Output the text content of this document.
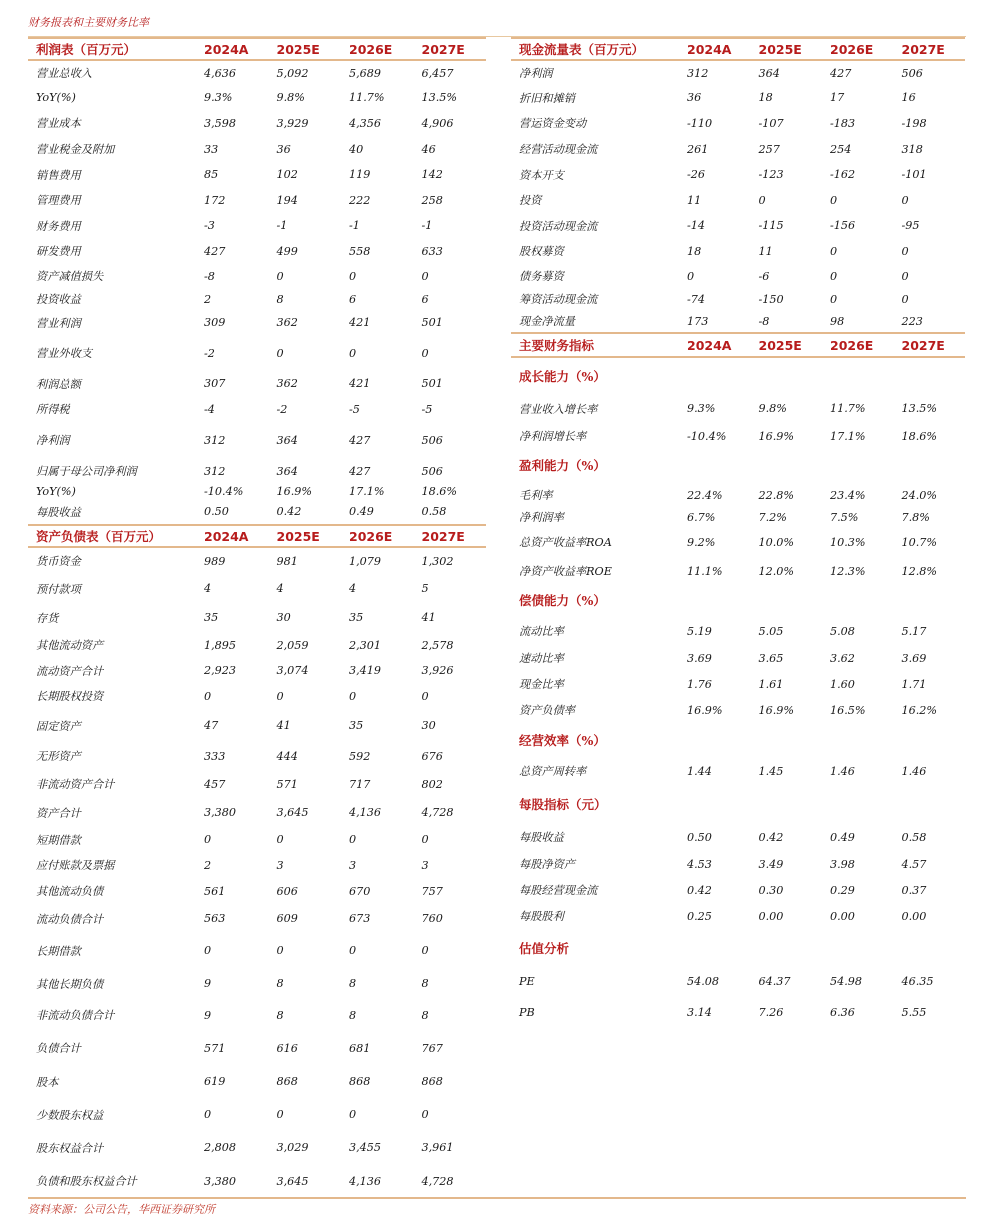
财务报表和主要财务比率
利润表（百万元）	2024A	2025E	2026E	2027E
营业总收入	4,636	5,092	5,689	6,457
YoY(%)	9.3%	9.8%	11.7%	13.5%
营业成本	3,598	3,929	4,356	4,906
营业税金及附加	33	36	40	46
销售费用	85	102	119	142
管理费用	172	194	222	258
财务费用	-3	-1	-1	-1
研发费用	427	499	558	633
资产减值损失	-8	0	0	0
投资收益	2	8	6	6
营业利润	309	362	421	501
营业外收支	-2	0	0	0
利润总额	307	362	421	501
所得税	-4	-2	-5	-5
净利润	312	364	427	506
归属于母公司净利润	312	364	427	506
YoY(%)	-10.4%	16.9%	17.1%	18.6%
每股收益	0.50	0.42	0.49	0.58
资产负债表（百万元）	2024A	2025E	2026E	2027E
货币资金	989	981	1,079	1,302
预付款项	4	4	4	5
存货	35	30	35	41
其他流动资产	1,895	2,059	2,301	2,578
流动资产合计	2,923	3,074	3,419	3,926
长期股权投资	0	0	0	0
固定资产	47	41	35	30
无形资产	333	444	592	676
非流动资产合计	457	571	717	802
资产合计	3,380	3,645	4,136	4,728
短期借款	0	0	0	0
应付账款及票据	2	3	3	3
其他流动负债	561	606	670	757
流动负债合计	563	609	673	760
长期借款	0	0	0	0
其他长期负债	9	8	8	8
非流动负债合计	9	8	8	8
负债合计	571	616	681	767
股本	619	868	868	868
少数股东权益	0	0	0	0
股东权益合计	2,808	3,029	3,455	3,961
负债和股东权益合计	3,380	3,645	4,136	4,728
现金流量表（百万元）	2024A	2025E	2026E	2027E
净利润	312	364	427	506
折旧和摊销	36	18	17	16
营运资金变动	-110	-107	-183	-198
经营活动现金流	261	257	254	318
资本开支	-26	-123	-162	-101
投资	11	0	0	0
投资活动现金流	-14	-115	-156	-95
股权募资	18	11	0	0
债务募资	0	-6	0	0
筹资活动现金流	-74	-150	0	0
现金净流量	173	-8	98	223
主要财务指标	2024A	2025E	2026E	2027E
成长能力（%）				
营业收入增长率	9.3%	9.8%	11.7%	13.5%
净利润增长率	-10.4%	16.9%	17.1%	18.6%
盈利能力（%）				
毛利率	22.4%	22.8%	23.4%	24.0%
净利润率	6.7%	7.2%	7.5%	7.8%
总资产收益率ROA	9.2%	10.0%	10.3%	10.7%
净资产收益率ROE	11.1%	12.0%	12.3%	12.8%
偿债能力（%）				
流动比率	5.19	5.05	5.08	5.17
速动比率	3.69	3.65	3.62	3.69
现金比率	1.76	1.61	1.60	1.71
资产负债率	16.9%	16.9%	16.5%	16.2%
经营效率（%）				
总资产周转率	1.44	1.45	1.46	1.46
每股指标（元）				
每股收益	0.50	0.42	0.49	0.58
每股净资产	4.53	3.49	3.98	4.57
每股经营现金流	0.42	0.30	0.29	0.37
每股股利	0.25	0.00	0.00	0.00
估值分析				
PE	54.08	64.37	54.98	46.35
PB	3.14	7.26	6.36	5.55
资料来源：公司公告，华西证券研究所
